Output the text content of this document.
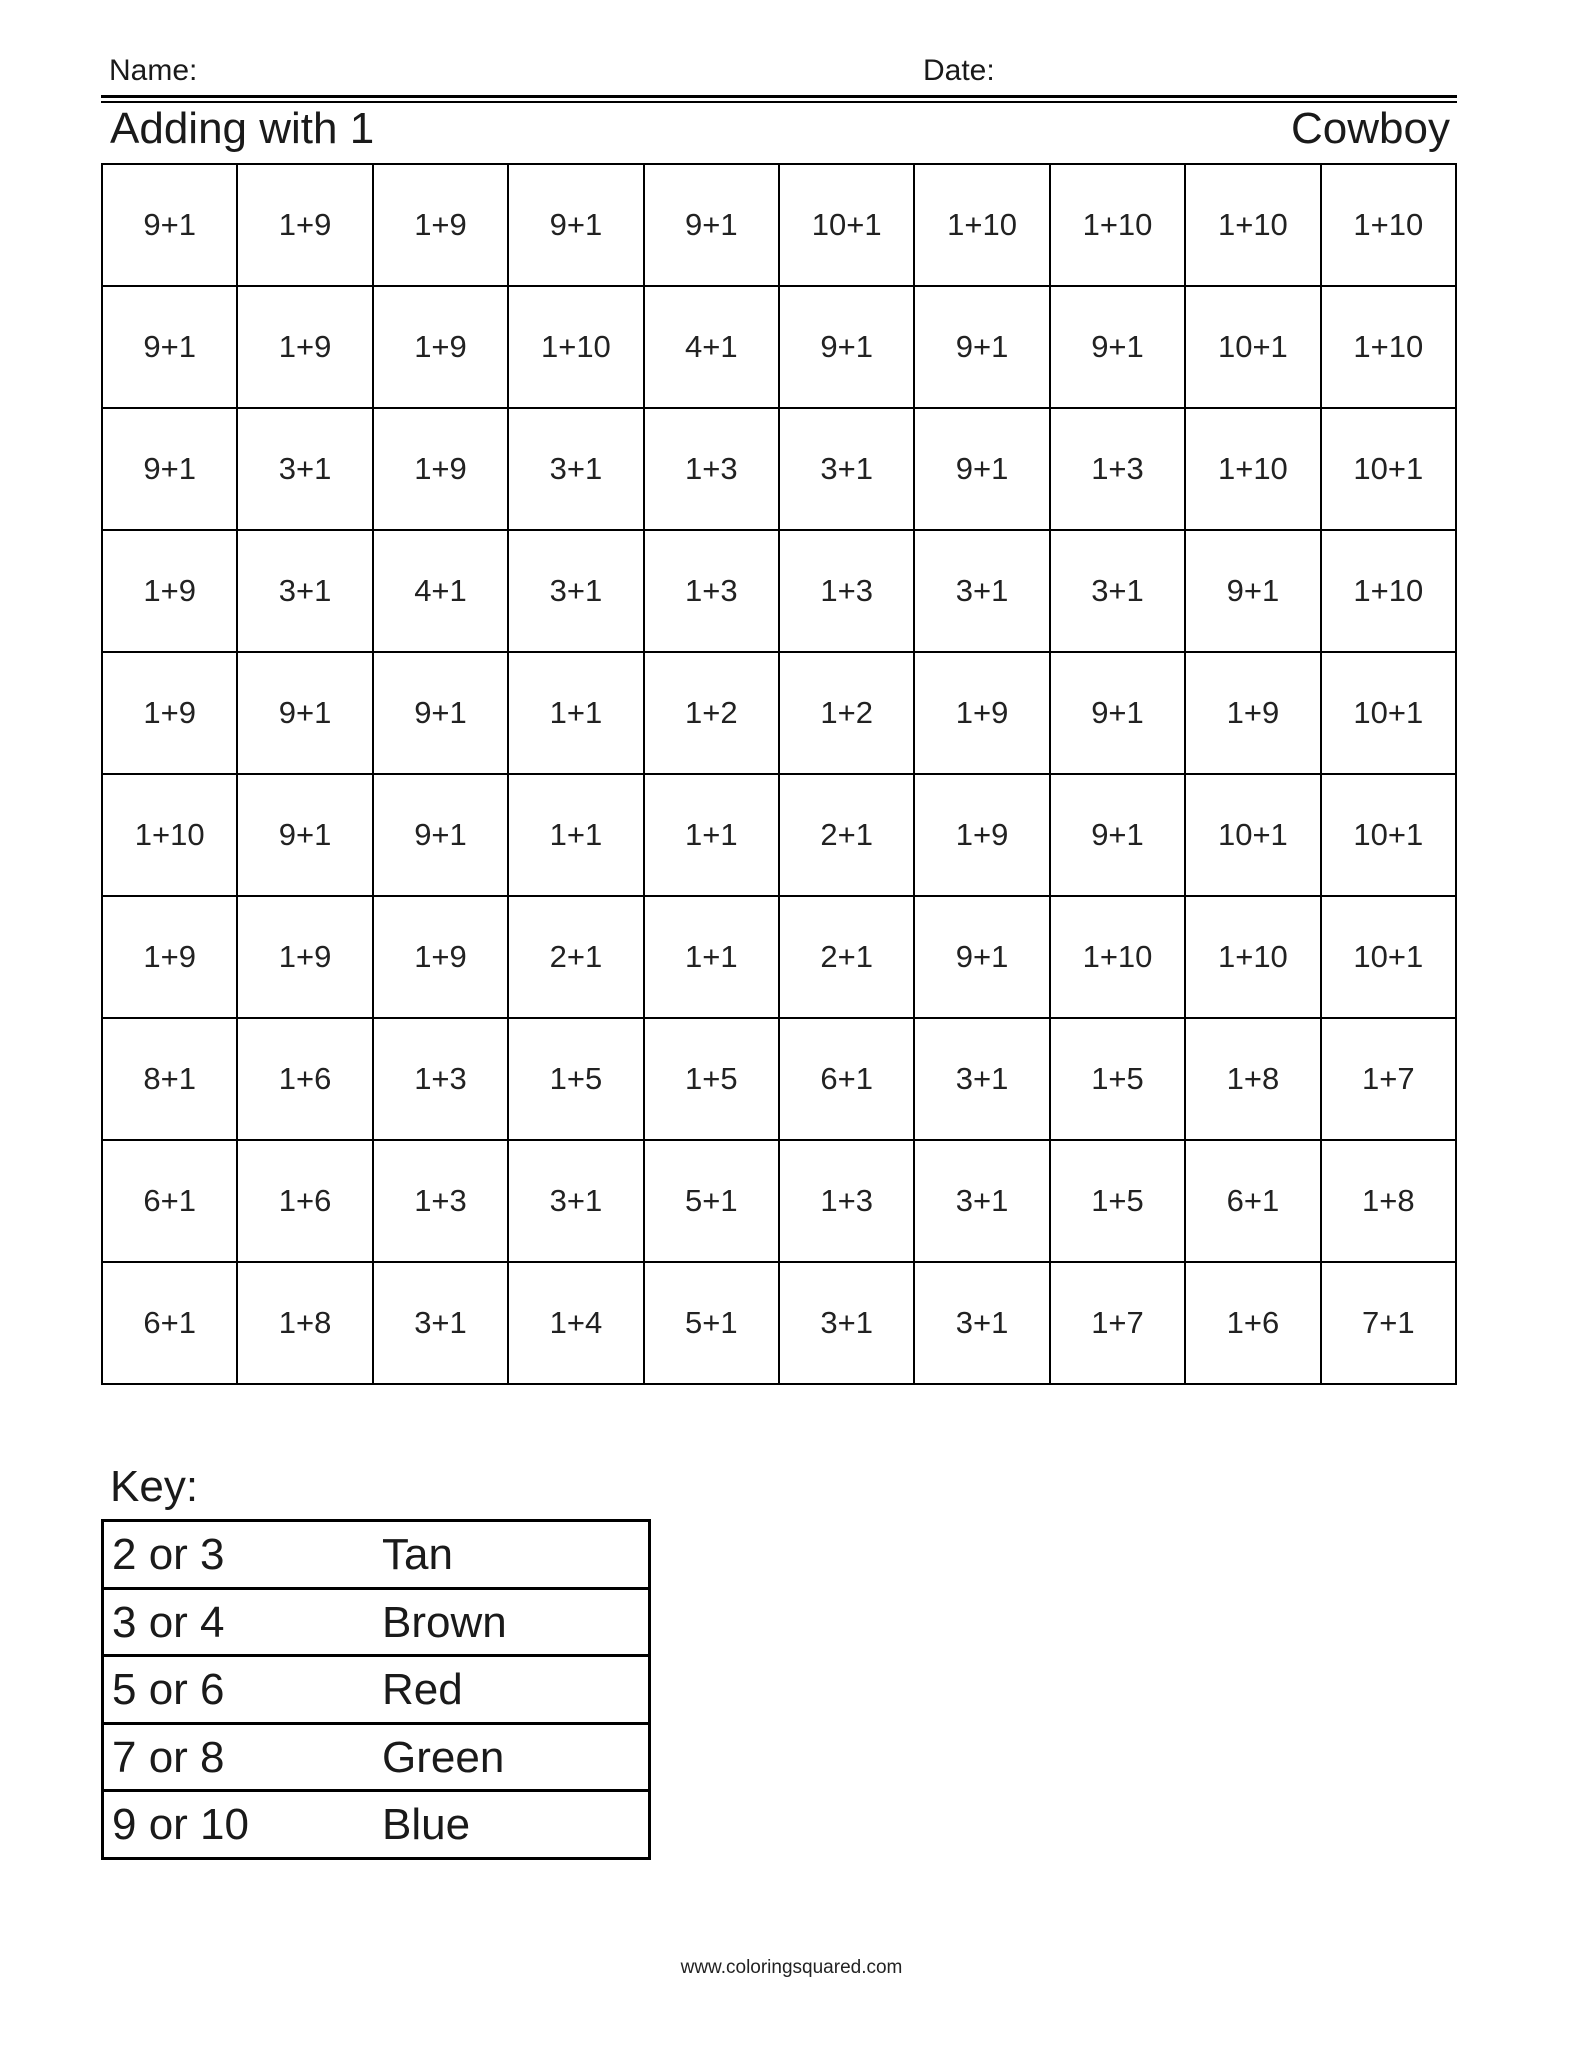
Name:	Date:
Adding with 1	Cowboy
9+1	1+9	1+9	9+1	9+1	10+1	1+10	1+10	1+10	1+10
9+1	1+9	1+9	1+10	4+1	9+1	9+1	9+1	10+1	1+10
9+1	3+1	1+9	3+1	1+3	3+1	9+1	1+3	1+10	10+1
1+9	3+1	4+1	3+1	1+3	1+3	3+1	3+1	9+1	1+10
1+9	9+1	9+1	1+1	1+2	1+2	1+9	9+1	1+9	10+1
1+10	9+1	9+1	1+1	1+1	2+1	1+9	9+1	10+1	10+1
1+9	1+9	1+9	2+1	1+1	2+1	9+1	1+10	1+10	10+1
8+1	1+6	1+3	1+5	1+5	6+1	3+1	1+5	1+8	1+7
6+1	1+6	1+3	3+1	5+1	1+3	3+1	1+5	6+1	1+8
6+1	1+8	3+1	1+4	5+1	3+1	3+1	1+7	1+6	7+1
Key:
2 or 3	Tan
3 or 4	Brown
5 or 6	Red
7 or 8	Green
9 or 10	Blue
www.coloringsquared.com
